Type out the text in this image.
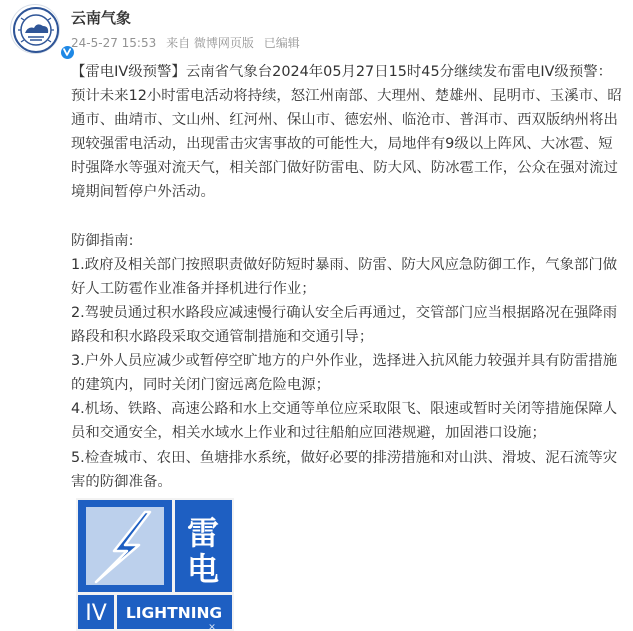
云南气象
24-5-27 15:53 来自 微博网页版 已编辑

【雷电IV级预警】云南省气象台2024年05月27日15时45分继续发布雷电IV级预警：预计未来12小时雷电活动将持续，怒江州南部、大理州、楚雄州、昆明市、玉溪市、昭通市、曲靖市、文山州、红河州、保山市、德宏州、临沧市、普洱市、西双版纳州将出现较强雷电活动，出现雷击灾害事故的可能性大，局地伴有9级以上阵风、大冰雹、短时强降水等强对流天气，相关部门做好防雷电、防大风、防冰雹工作，公众在强对流过境期间暂停户外活动。

防御指南:

1.政府及相关部门按照职责做好防短时暴雨、防雷、防大风应急防御工作，气象部门做好人工防雹作业准备并择机进行作业；

2.驾驶员通过积水路段应减速慢行确认安全后再通过，交管部门应当根据路况在强降雨路段和积水路段采取交通管制措施和交通引导；

3.户外人员应减少或暂停空旷地方的户外作业，选择进入抗风能力较强并具有防雷措施的建筑内，同时关闭门窗远离危险电源；

4.机场、铁路、高速公路和水上交通等单位应采取限飞、限速或暂时关闭等措施保障人员和交通安全，相关水域水上作业和过往船舶应回港规避，加固港口设施；

5.检查城市、农田、鱼塘排水系统，做好必要的排涝措施和对山洪、滑坡、泥石流等灾害的防御准备。

雷电
IV LIGHTNING
✕
